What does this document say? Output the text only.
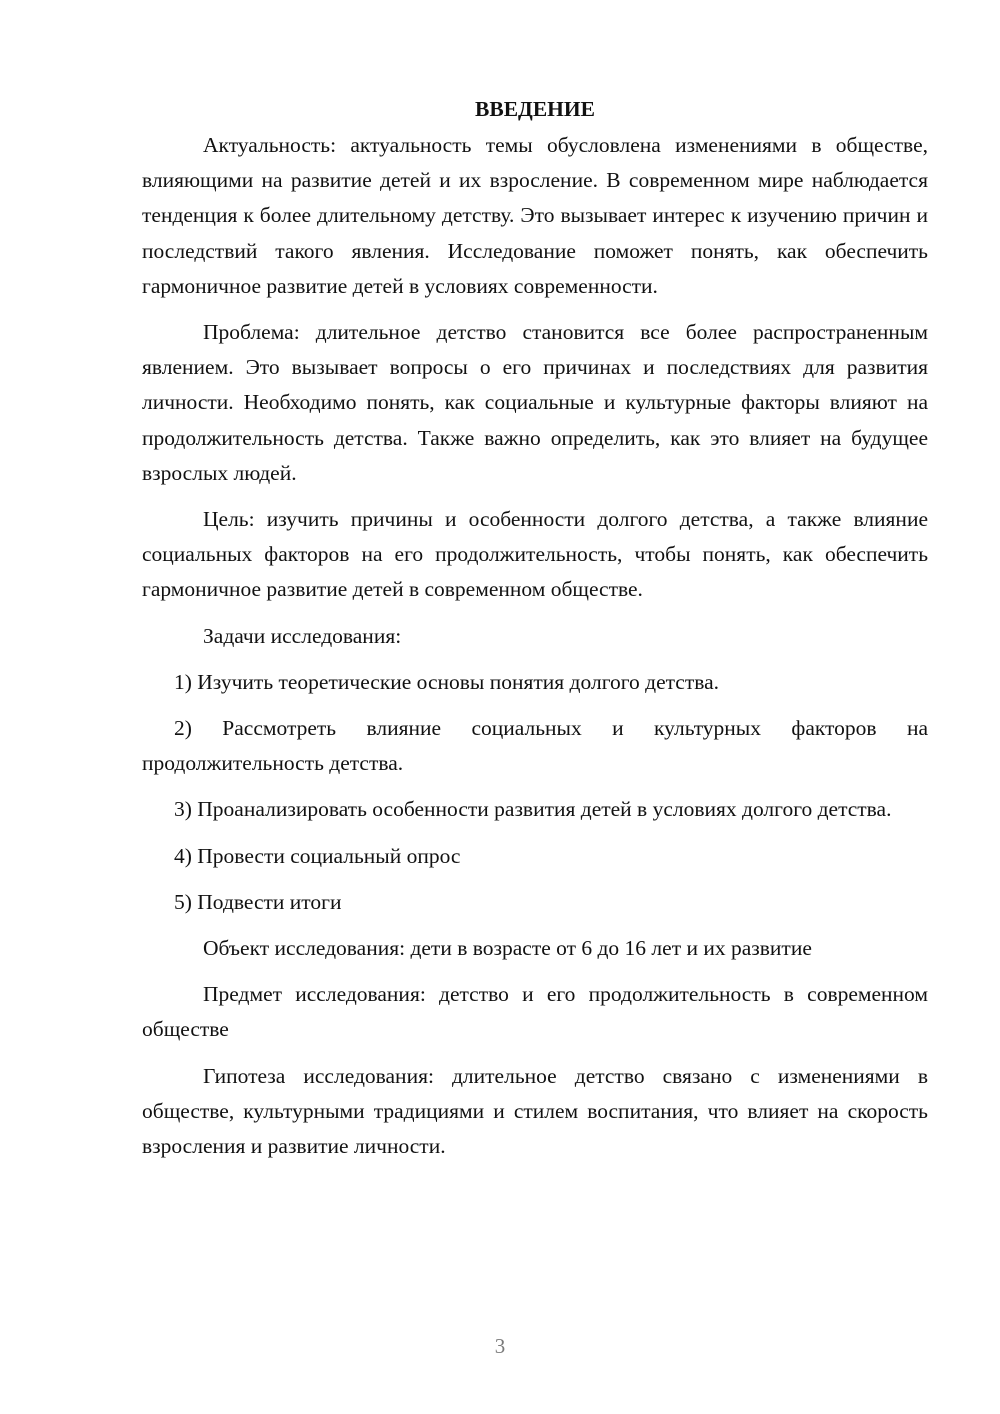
ВВЕДЕНИЕ

Актуальность: актуальность темы обусловлена изменениями в обществе, влияющими на развитие детей и их взросление. В современном мире наблюдается тенденция к более длительному детству. Это вызывает интерес к изучению причин и последствий такого явления. Исследование поможет понять, как обеспечить гармоничное развитие детей в условиях современности.

Проблема: длительное детство становится все более распространенным явлением. Это вызывает вопросы о его причинах и последствиях для развития личности. Необходимо понять, как социальные и культурные факторы влияют на продолжительность детства. Также важно определить, как это влияет на будущее взрослых людей.

Цель: изучить причины и особенности долгого детства, а также влияние социальных факторов на его продолжительность, чтобы понять, как обеспечить гармоничное развитие детей в современном обществе.

Задачи исследования:

1) Изучить теоретические основы понятия долгого детства.

2) Рассмотреть влияние социальных и культурных факторов на продолжительность детства.

3) Проанализировать особенности развития детей в условиях долгого детства.

4) Провести социальный опрос

5) Подвести итоги

Объект исследования: дети в возрасте от 6 до 16 лет и их развитие

Предмет исследования: детство и его продолжительность в современном обществе

Гипотеза исследования: длительное детство связано с изменениями в обществе, культурными традициями и стилем воспитания, что влияет на скорость взросления и развитие личности.

3
